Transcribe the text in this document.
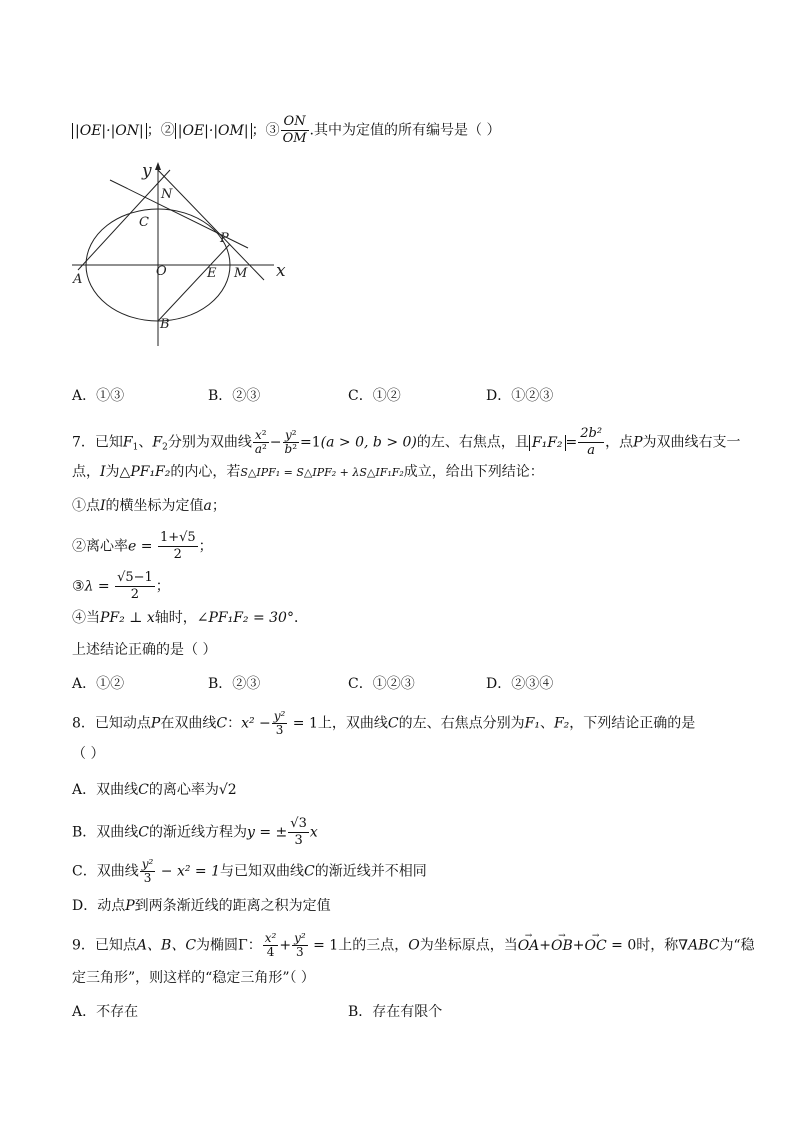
|OE|·|ON| ；② |OE|·|OM| ；③ $\frac{ON}{OM}$ .其中为定值的所有编号是（ ）
y
N
C
P
O
A	E M x
B
A．①③	B．②③	C．①②	D．①②③
7．已知$F_1$、$F_2$分别为双曲线 $\frac{\text{x²}}{\text{a²}} - \frac{\text{y²}}{\text{b²}} =1(a > 0$, b > 0)的左、右焦点，且 $F_1F_2 = \frac{\text{2b²}}{a}$ ，点P为双曲线右支一
点，I为△PF₁F₂的内心，若S△IPF₁ = S△IPF₂ + λS△IF₁F₂成立，给出下列结论：
①点I的横坐标为定值a；
②离心率$e = \frac{1+√5}{2}$ ；
③λ = $\frac{√5-1}{2}$ ；
④当PF₂ ⊥ x轴时，∠PF₁F₂ = 30°．
上述结论正确的是（ ）
A．①②	B．②③	C．①②③	D．②③④
8．已知动点P在双曲线C：$x^2 - \frac{\text{y²}}{3} = 1$上，双曲线C的左、右焦点分别为F₁、F₂，下列结论正确的是
（ ）
A．双曲线C的离心率为√2
B．双曲线C的渐近线方程为y = ± $\frac{√3}{3}$ x
C．双曲线 $\frac{\text{y²}}{3} - x^2 = 1$与已知双曲线C的渐近线并不相同
D．动点P到两条渐近线的距离之积为定值
9．已知点A、B、C为椭圆Γ： $\frac{\text{x²}}{4} + \frac{\text{y²}}{3} = 1$上的三点，O为坐标原点，当→ OA+→ OB+→ OC = 0时，称∇ABC为“稳
定三角形”，则这样的“稳定三角形”（ ）
A．不存在	B．存在有限个
